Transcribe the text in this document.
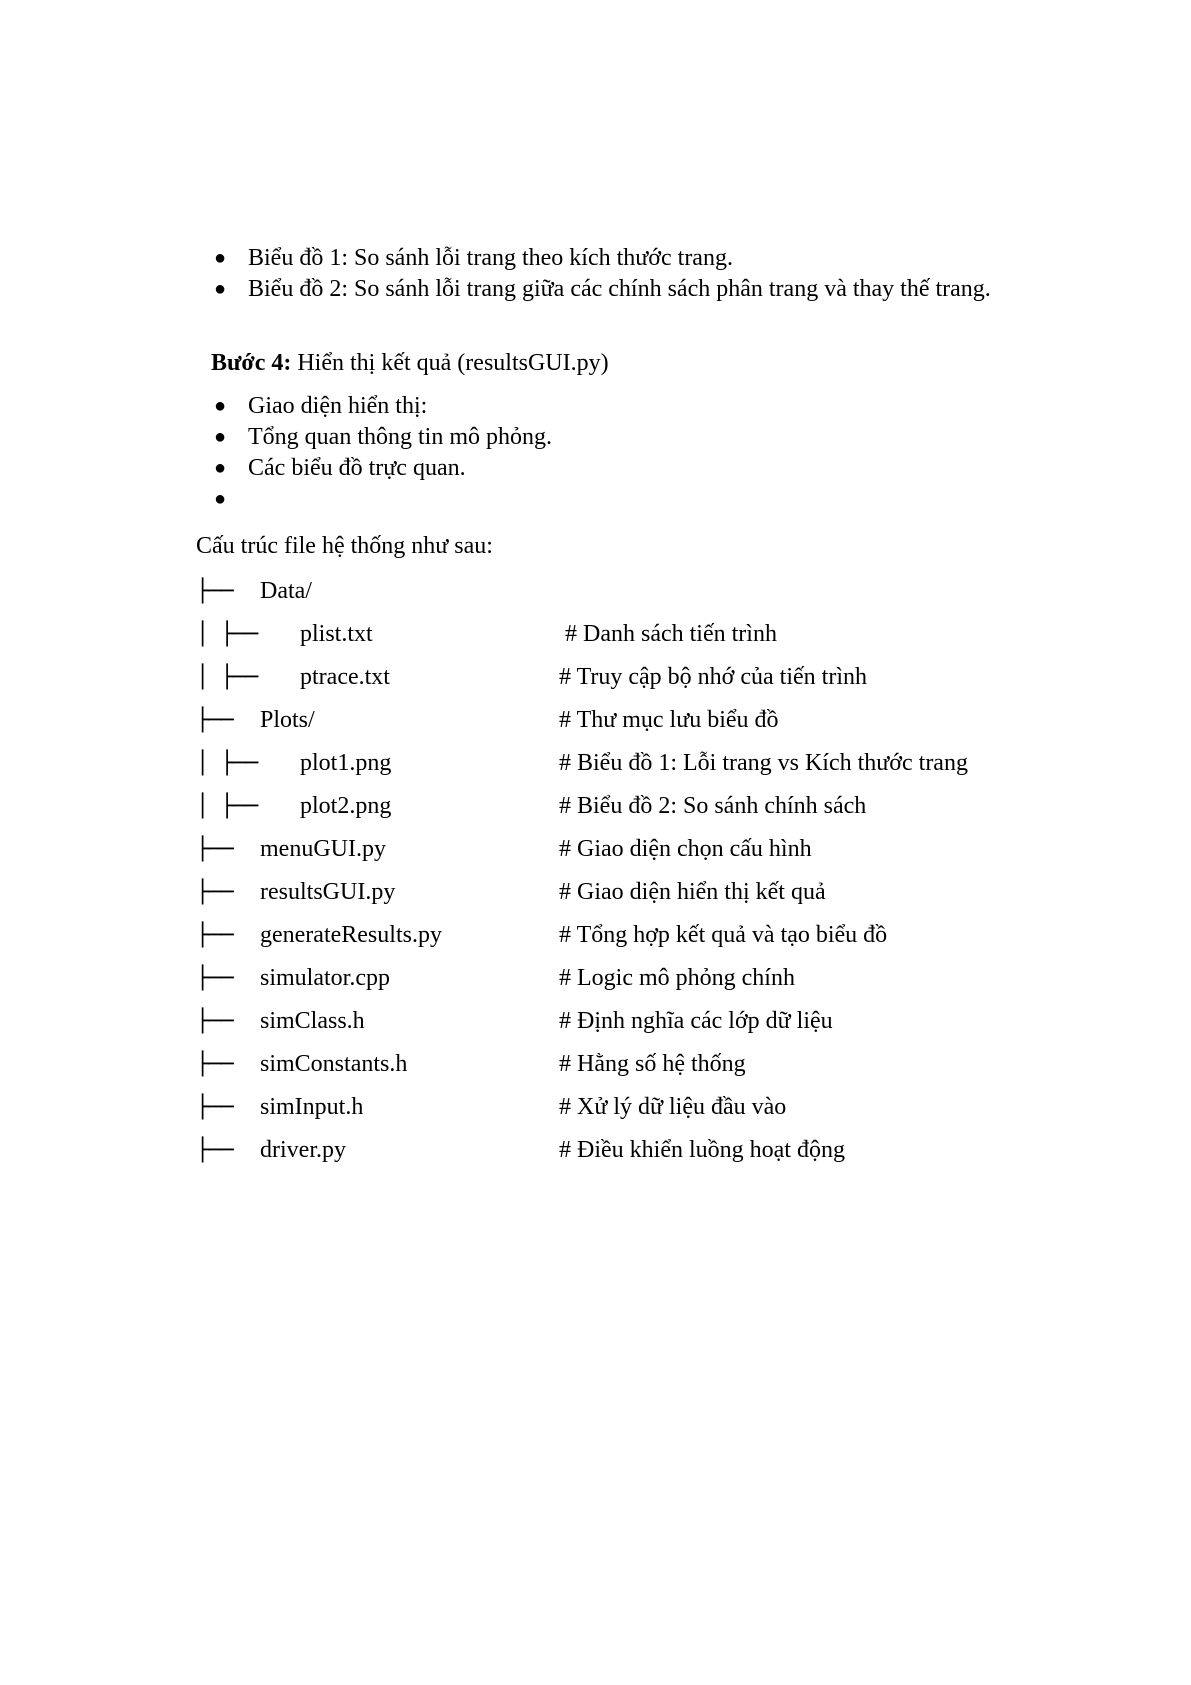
● Biểu đồ 1: So sánh lỗi trang theo kích thước trang.
● Biểu đồ 2: So sánh lỗi trang giữa các chính sách phân trang và thay thế trang.
Bước 4: Hiển thị kết quả (resultsGUI.py)
● Giao diện hiển thị:
● Tổng quan thông tin mô phỏng.
● Các biểu đồ trực quan.
●
Cấu trúc file hệ thống như sau:
├── Data/
│ ├── plist.txt	# Danh sách tiến trình
│ ├── ptrace.txt	# Truy cập bộ nhớ của tiến trình
├── Plots/	# Thư mục lưu biểu đồ
│ ├── plot1.png	# Biểu đồ 1: Lỗi trang vs Kích thước trang
│ ├── plot2.png	# Biểu đồ 2: So sánh chính sách
├── menuGUI.py	# Giao diện chọn cấu hình
├── resultsGUI.py	# Giao diện hiển thị kết quả
├── generateResults.py	# Tổng hợp kết quả và tạo biểu đồ
├── simulator.cpp	# Logic mô phỏng chính
├── simClass.h	# Định nghĩa các lớp dữ liệu
├── simConstants.h	# Hằng số hệ thống
├── simInput.h	# Xử lý dữ liệu đầu vào
├── driver.py	# Điều khiển luồng hoạt động
